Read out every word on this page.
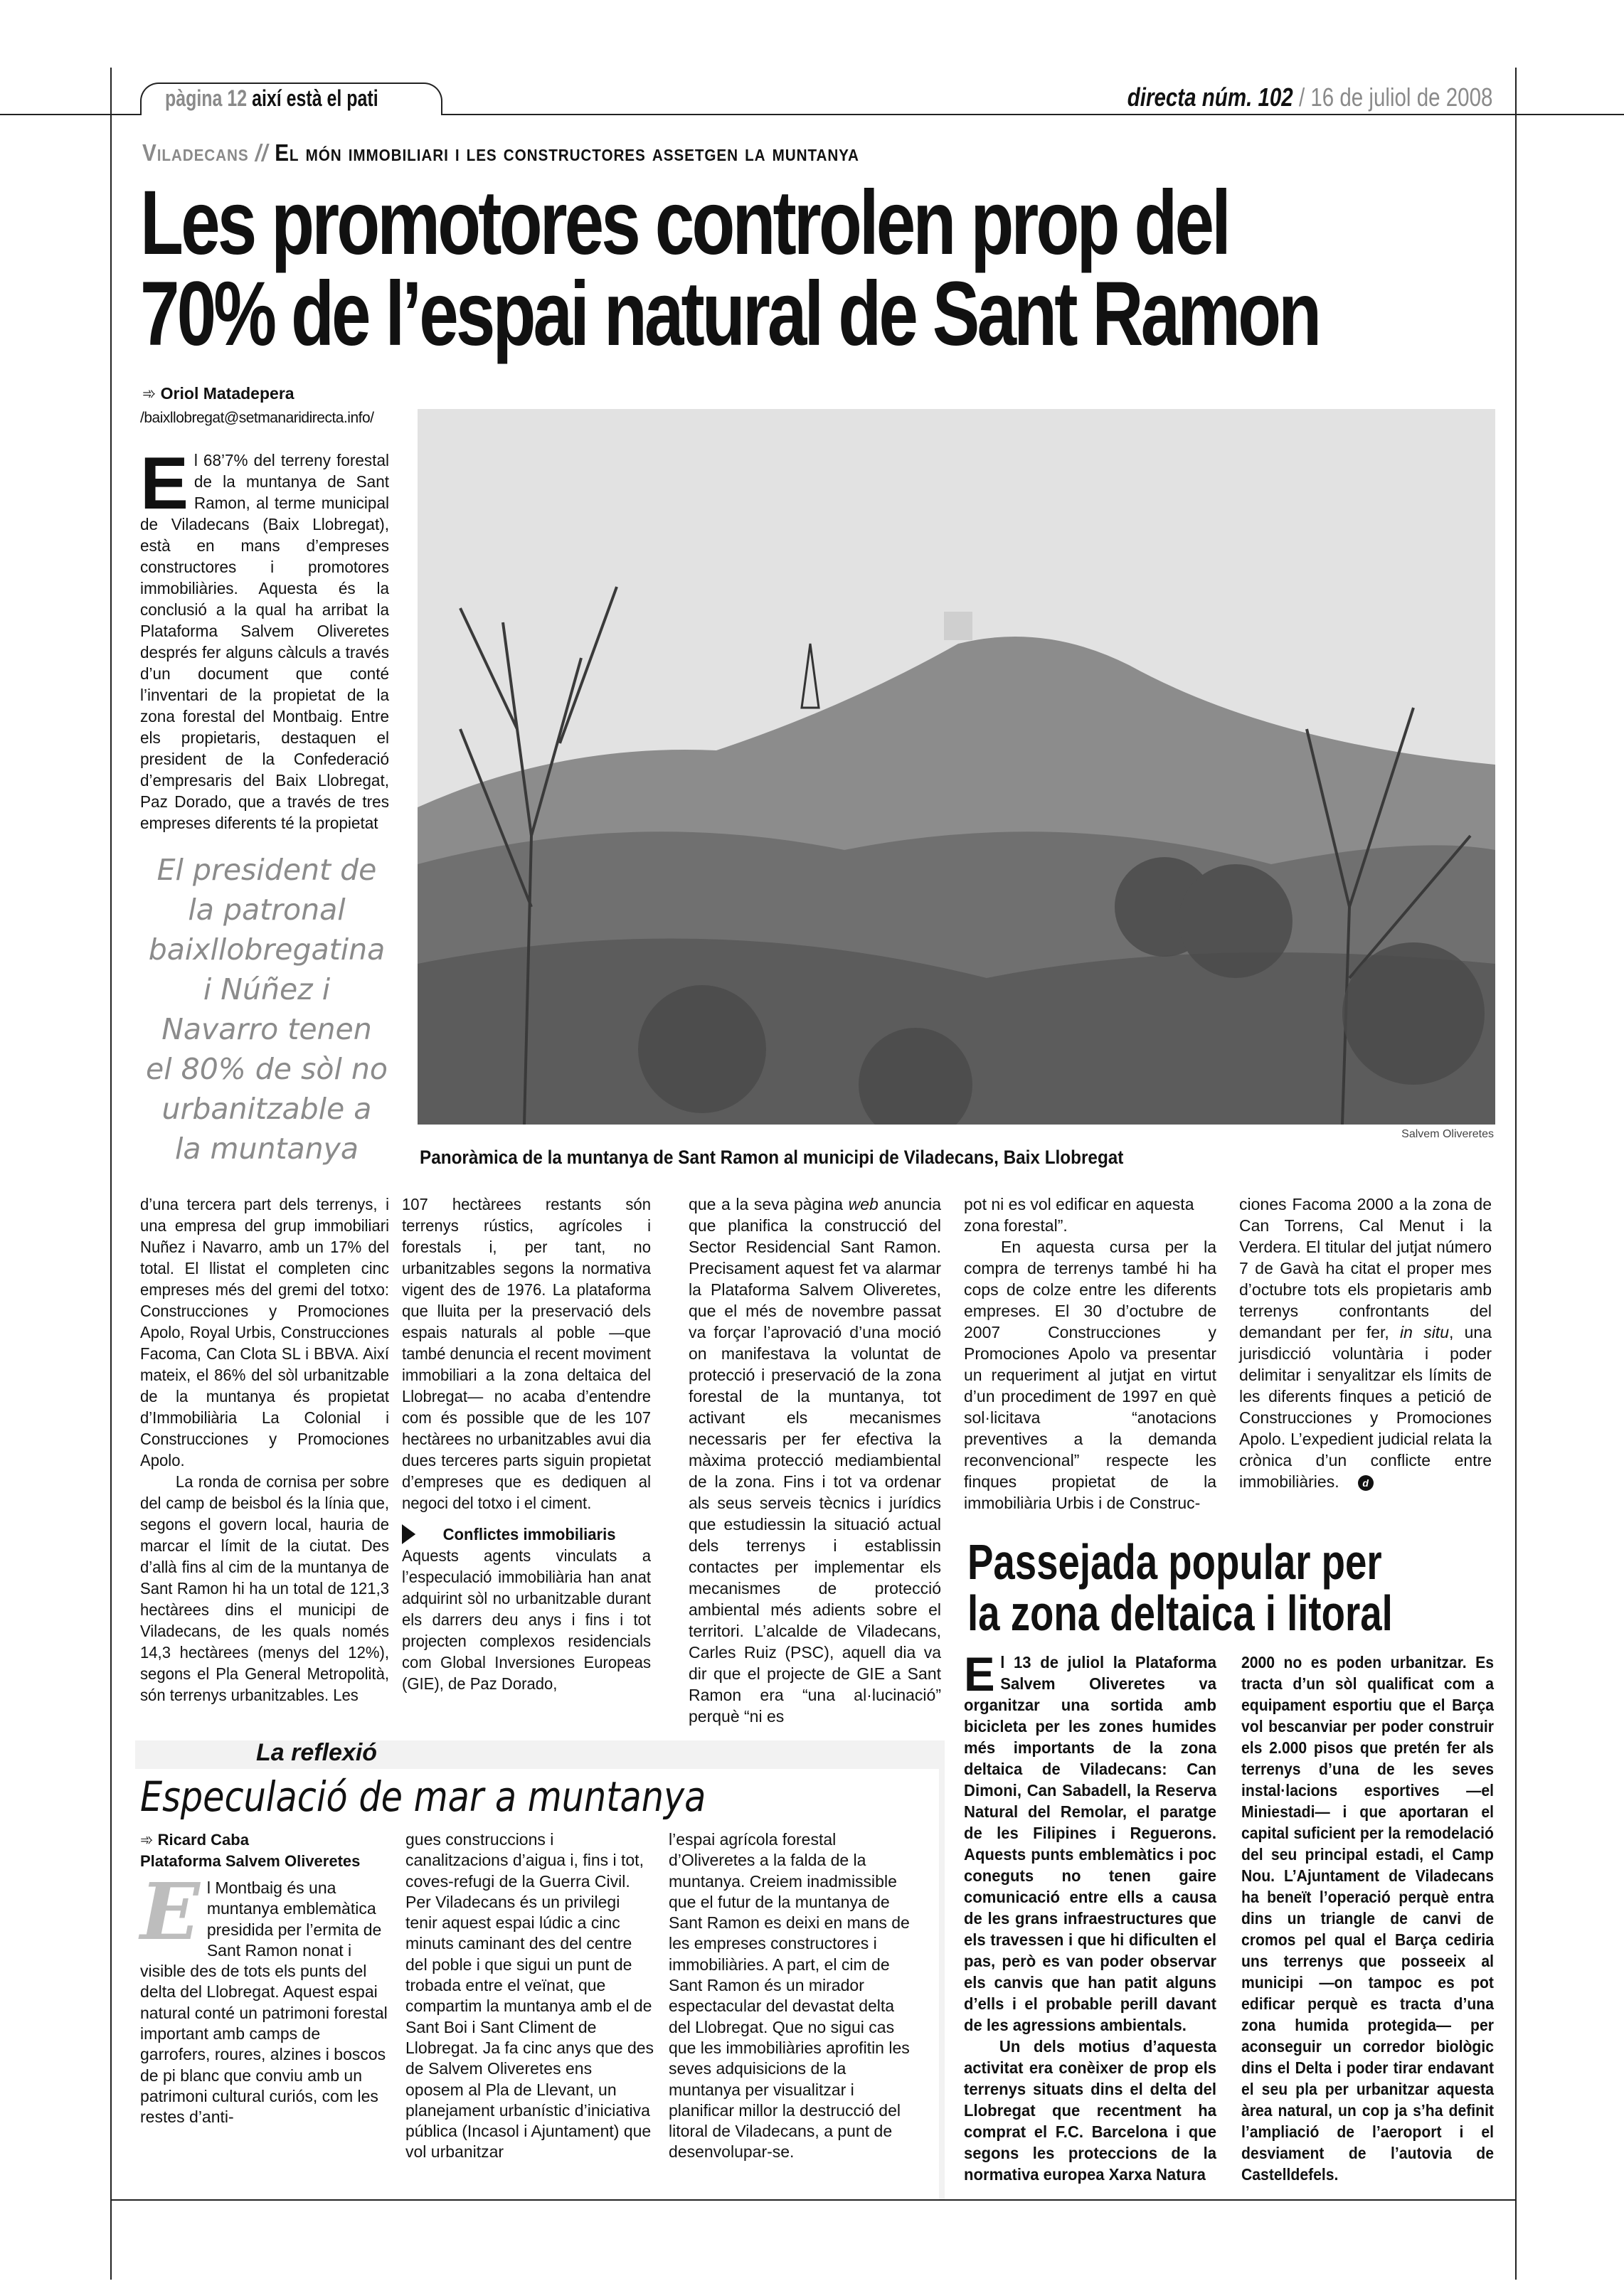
pàgina 12 així està el pati	directa núm. 102 / 16 de juliol de 2008
Viladecans // El món immobiliari i les constructores assetgen la muntanya
Les promotores controlen prop del
70% de l’espai natural de Sant Ramon
➾ Oriol Matadepera
/baixllobregat@setmanaridirecta.info/

El 68’7% del terreny forestal de la muntanya de Sant Ramon, al terme municipal de Viladecans (Baix Llobregat), està en mans d’empreses constructores i promotores immobiliàries. Aquesta és la conclusió a la qual ha arribat la Plataforma Salvem Oliveretes després fer alguns càlculs a través d’un document que conté l’inventari de la propietat de la zona forestal del Montbaig. Entre els propietaris, destaquen el president de la Confederació d’empresaris del Baix Llobregat, Paz Dorado, que a través de tres empreses diferents té la propietat

El president de
la patronal
baixllobregatina
i Núñez i
Navarro tenen
el 80% de sòl no
urbanitzable a
la muntanya	Salvem Oliveretes
Panoràmica de la muntanya de Sant Ramon al municipi de Viladecans, Baix Llobregat

d’una tercera part dels terrenys, i una empresa del grup immobiliari Nuñez i Navarro, amb un 17% del total. El llistat el completen cinc empreses més del gremi del totxo: Construcciones y Promociones Apolo, Royal Urbis, Construcciones Facoma, Can Clota SL i BBVA. Així mateix, el 86% del sòl urbanitzable de la muntanya és propietat d’Immobiliària La Colonial i Construcciones y Promociones Apolo.

La ronda de cornisa per sobre del camp de beisbol és la línia que, segons el govern local, hauria de marcar el límit de la ciutat. Des d’allà fins al cim de la muntanya de Sant Ramon hi ha un total de 121,3 hectàrees dins el municipi de Viladecans, de les quals només 14,3 hectàrees (menys del 12%), segons el Pla General Metropolità, són terrenys urbanitzables. Les

107 hectàrees restants són terrenys rústics, agrícoles i forestals i, per tant, no urbanitzables segons la normativa vigent des de 1976. La plataforma que lluita per la preservació dels espais naturals al poble —que també denuncia el recent moviment immobiliari a la zona deltaica del Llobregat— no acaba d’entendre com és possible que de les 107 hectàrees no urbanitzables avui dia dues terceres parts siguin propietat d’empreses que es dediquen al negoci del totxo i el ciment.

Conflictes immobiliaris

Aquests agents vinculats a l’especulació immobiliària han anat adquirint sòl no urbanitzable durant els darrers deu anys i fins i tot projecten complexos residencials com Global Inversiones Europeas (GIE), de Paz Dorado,

que a la seva pàgina web anuncia que planifica la construcció del Sector Residencial Sant Ramon. Precisament aquest fet va alarmar la Plataforma Salvem Oliveretes, que el més de novembre passat va forçar l’aprovació d’una moció on manifestava la voluntat de protecció i preservació de la zona forestal de la muntanya, tot activant els mecanismes necessaris per fer efectiva la màxima protecció mediambiental de la zona. Fins i tot va ordenar als seus serveis tècnics i jurídics que estudiessin la situació actual dels terrenys i establissin contactes per implementar els mecanismes de protecció ambiental més adients sobre el territori. L’alcalde de Viladecans, Carles Ruiz (PSC), aquell dia va dir que el projecte de GIE a Sant Ramon era “una al·lucinació” perquè “ni es

pot ni es vol edificar en aquesta zona forestal”.

En aquesta cursa per la compra de terrenys també hi ha cops de colze entre les diferents empreses. El 30 d’octubre de 2007 Construcciones y Promociones Apolo va presentar un requeriment al jutjat en virtut d’un procediment de 1997 en què sol·licitava “anotacions preventives a la demanda reconvencional” respecte les finques propietat de la immobiliària Urbis i de Construc-

ciones Facoma 2000 a la zona de Can Torrens, Cal Menut i la Verdera. El titular del jutjat número 7 de Gavà ha citat el proper mes d’octubre tots els propietaris amb terrenys confrontants del demandant per fer, in situ, una jurisdicció voluntària i poder delimitar i senyalitzar els límits de les diferents finques a petició de Construcciones y Promociones Apolo. L’expedient judicial relata la crònica d’un conflicte entre immobiliàries. d

La reflexió
Especulació de mar a muntanya
➾ Ricard Caba
Plataforma Salvem Oliveretes

El Montbaig és una muntanya emblemàtica presidida per l’ermita de Sant Ramon nonat i visible des de tots els punts del delta del Llobregat. Aquest espai natural conté un patrimoni forestal important amb camps de garrofers, roures, alzines i boscos de pi blanc que conviu amb un patrimoni cultural curiós, com les restes d’anti-

gues construccions i canalitzacions d’aigua i, fins i tot, coves-refugi de la Guerra Civil. Per Viladecans és un privilegi tenir aquest espai lúdic a cinc minuts caminant des del centre del poble i que sigui un punt de trobada entre el veïnat, que compartim la muntanya amb el de Sant Boi i Sant Climent de Llobregat. Ja fa cinc anys que des de Salvem Oliveretes ens oposem al Pla de Llevant, un planejament urbanístic d’iniciativa pública (Incasol i Ajuntament) que vol urbanitzar

l’espai agrícola forestal d’Oliveretes a la falda de la muntanya. Creiem inadmissible que el futur de la muntanya de Sant Ramon es deixi en mans de les empreses constructores i immobiliàries. A part, el cim de Sant Ramon és un mirador espectacular del devastat delta del Llobregat. Que no sigui cas que les immobiliàries aprofitin les seves adquisicions de la muntanya per visualitzar i planificar millor la destrucció del litoral de Viladecans, a punt de desenvolupar-se.

Passejada popular per
la zona deltaica i litoral

El 13 de juliol la Plataforma Salvem Oliveretes va organitzar una sortida amb bicicleta per les zones humides més importants de la zona deltaica de Viladecans: Can Dimoni, Can Sabadell, la Reserva Natural del Remolar, el paratge de les Filipines i Reguerons. Aquests punts emblemàtics i poc coneguts no tenen gaire comunicació entre ells a causa de les grans infraestructures que els travessen i que hi dificulten el pas, però es van poder observar els canvis que han patit alguns d’ells i el probable perill davant de les agressions ambientals.

Un dels motius d’aquesta activitat era conèixer de prop els terrenys situats dins el delta del Llobregat que recentment ha comprat el F.C. Barcelona i que segons les proteccions de la normativa europea Xarxa Natura

2000 no es poden urbanitzar. Es tracta d’un sòl qualificat com a equipament esportiu que el Barça vol bescanviar per poder construir els 2.000 pisos que pretén fer als terrenys d’una de les seves instal·lacions esportives —el Miniestadi— i que aportaran el capital suficient per la remodelació del seu principal estadi, el Camp Nou. L’Ajuntament de Viladecans ha beneït l’operació perquè entra dins un triangle de canvi de cromos pel qual el Barça cediria uns terrenys que posseeix al municipi —on tampoc es pot edificar perquè es tracta d’una zona humida protegida— per aconseguir un corredor biològic dins el Delta i poder tirar endavant el seu pla per urbanitzar aquesta àrea natural, un cop ja s’ha definit l’ampliació de l’aeroport i el desviament de l’autovia de Castelldefels.
